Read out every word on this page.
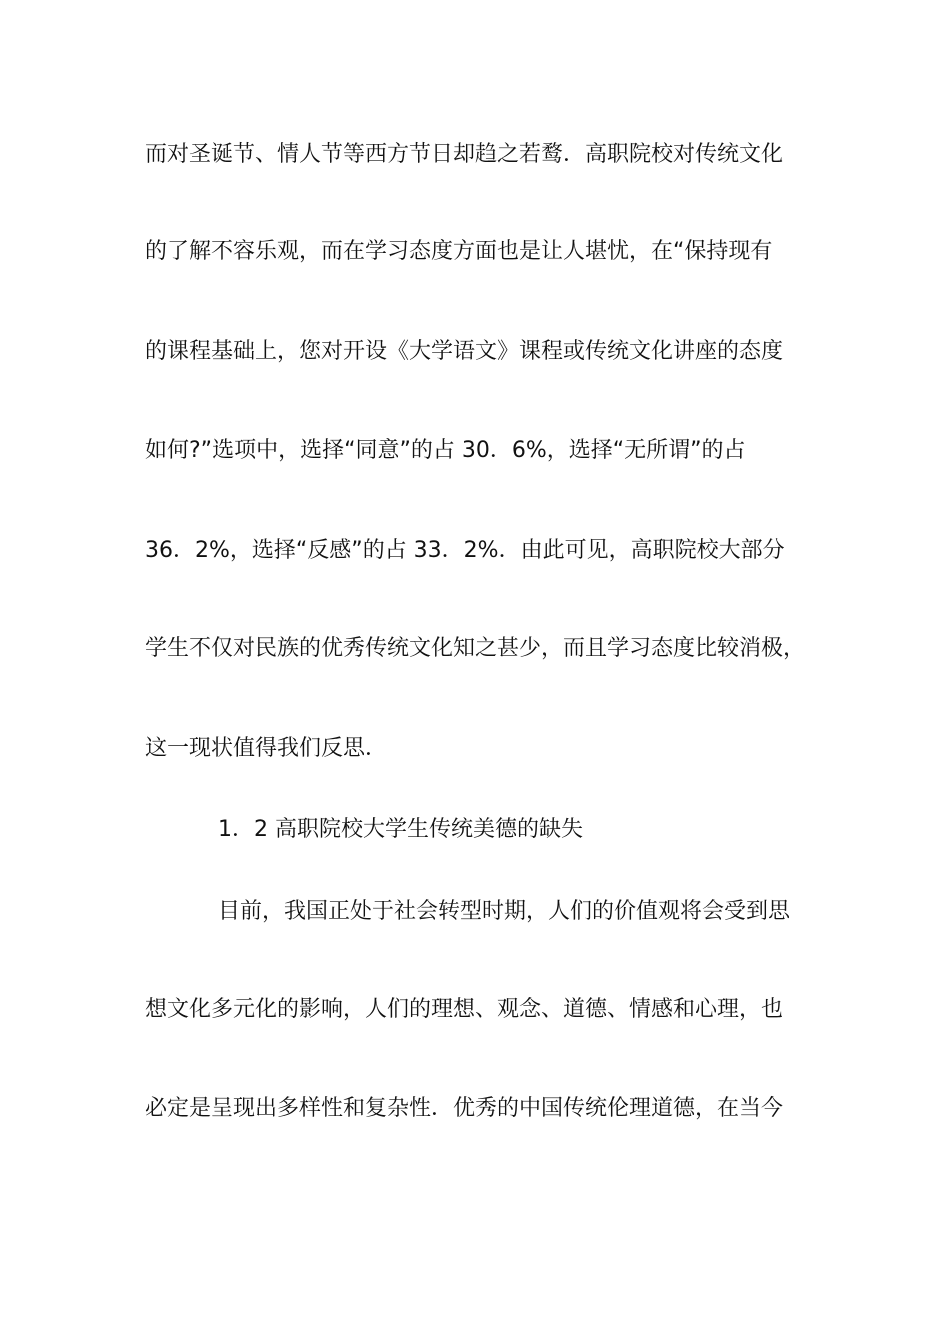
而对圣诞节、情人节等西方节日却趋之若鹜．高职院校对传统文化
的了解不容乐观，而在学习态度方面也是让人堪忧，在“保持现有
的课程基础上，您对开设《大学语文》课程或传统文化讲座的态度
如何?”选项中，选择“同意”的占 30．6%，选择“无所谓”的占
36．2%，选择“反感”的占 33．2%．由此可见，高职院校大部分
学生不仅对民族的优秀传统文化知之甚少，而且学习态度比较消极，
这一现状值得我们反思．
1．2 高职院校大学生传统美德的缺失
目前，我国正处于社会转型时期，人们的价值观将会受到思
想文化多元化的影响，人们的理想、观念、道德、情感和心理，也
必定是呈现出多样性和复杂性．优秀的中国传统伦理道德，在当今
